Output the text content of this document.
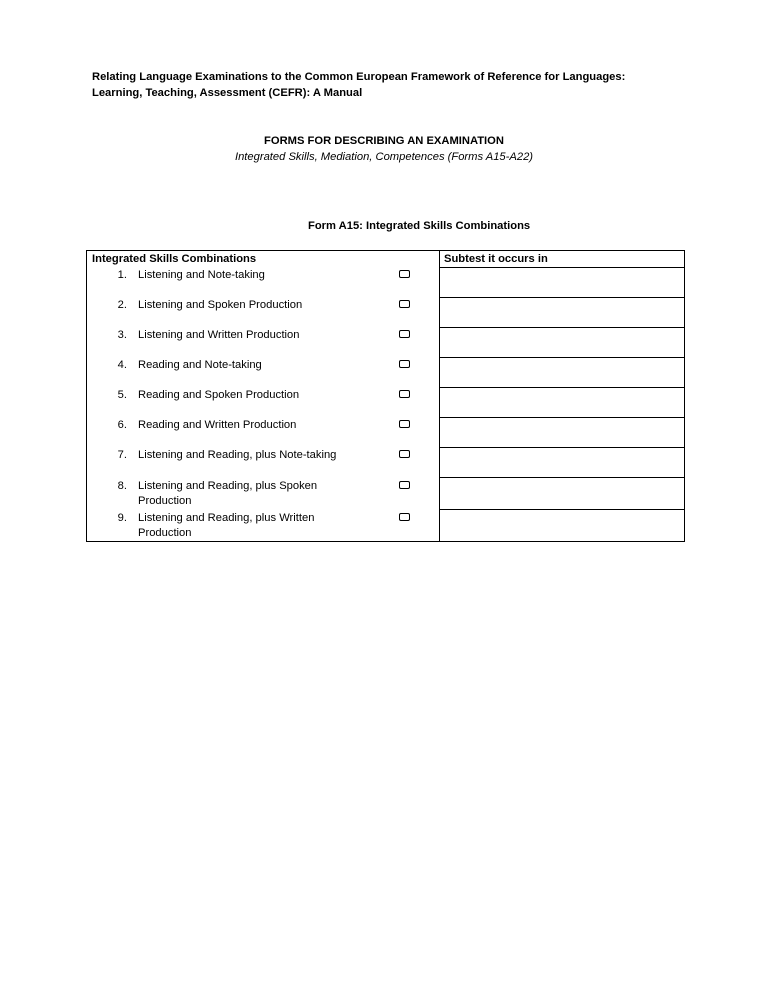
Relating Language Examinations to the Common European Framework of Reference for Languages:
Learning, Teaching, Assessment (CEFR): A Manual
FORMS FOR DESCRIBING AN EXAMINATION
Integrated Skills, Mediation, Competences (Forms A15-A22)
Form A15: Integrated Skills Combinations
Integrated Skills Combinations	Subtest it occurs in
1. Listening and Note-taking
2. Listening and Spoken Production
3. Listening and Written Production
4. Reading and Note-taking
5. Reading and Spoken Production
6. Reading and Written Production
7. Listening and Reading, plus Note-taking
8. Listening and Reading, plus Spoken
Production
9. Listening and Reading, plus Written
Production
